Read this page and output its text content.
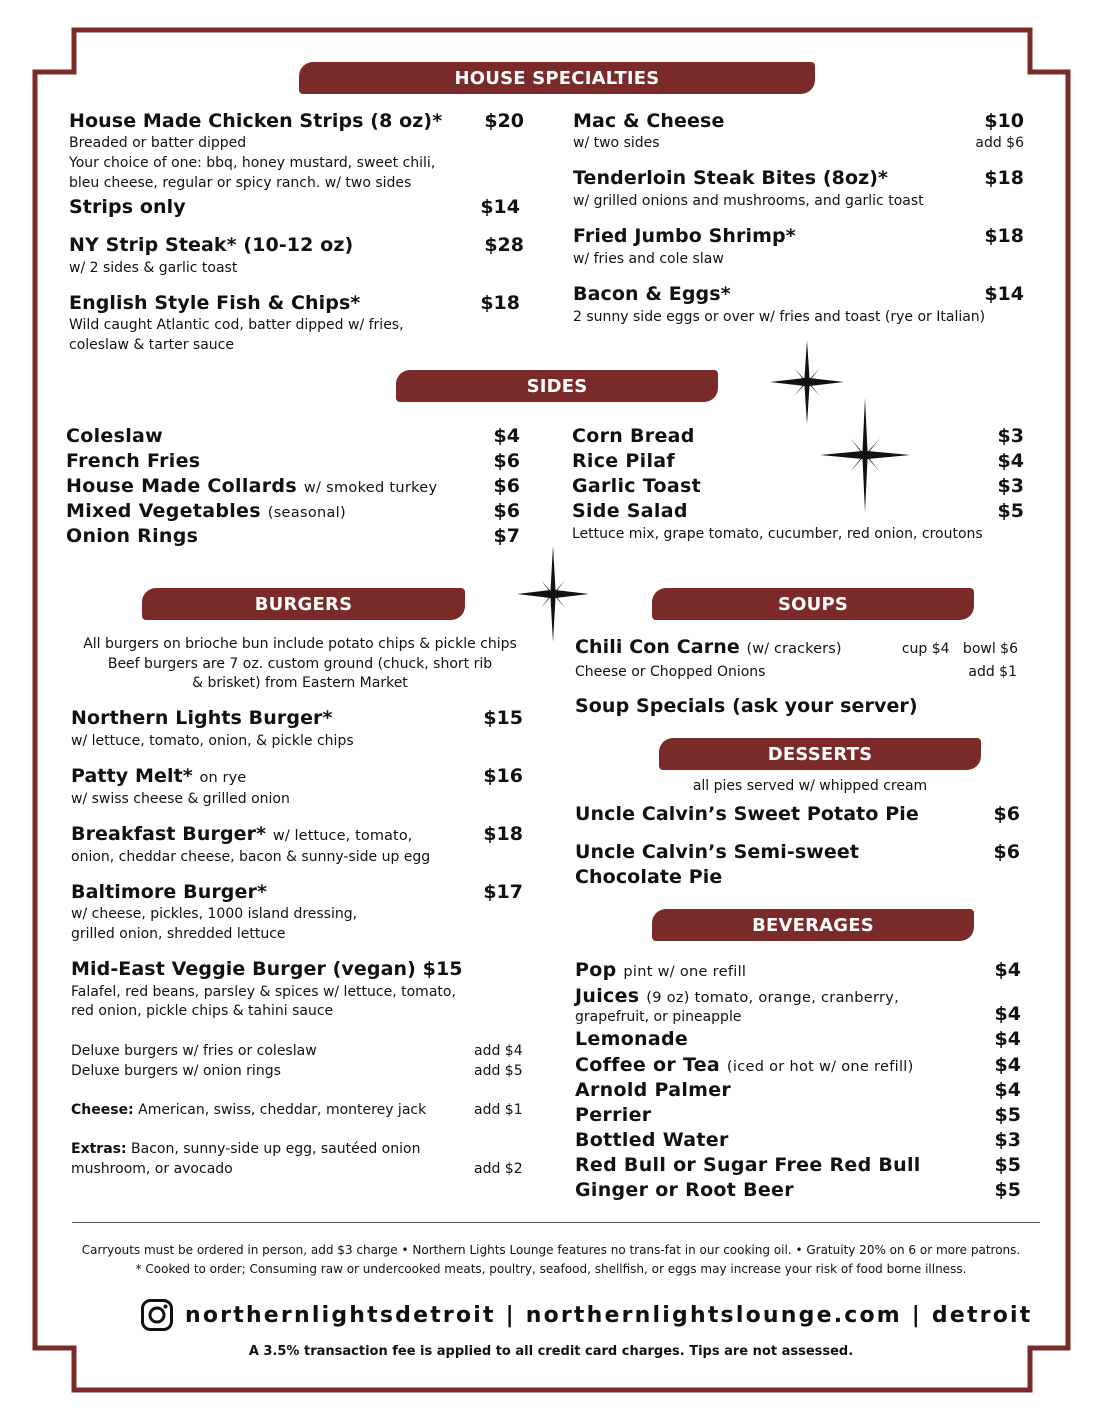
HOUSE SPECIALTIES
House Made Chicken Strips (8 oz)*	$20
Breaded or batter dipped
Your choice of one: bbq, honey mustard, sweet chili,
bleu cheese, regular or spicy ranch. w/ two sides
Strips only	$14
NY Strip Steak* (10-12 oz)	$28
w/ 2 sides & garlic toast
English Style Fish & Chips*	$18
Wild caught Atlantic cod, batter dipped w/ fries,
coleslaw & tarter sauce
Mac & Cheese	$10
w/ two sides	add $6
Tenderloin Steak Bites (8oz)*	$18
w/ grilled onions and mushrooms, and garlic toast
Fried Jumbo Shrimp*	$18
w/ fries and cole slaw
Bacon & Eggs*	$14
2 sunny side eggs or over w/ fries and toast (rye or Italian)
SIDES
Coleslaw	$4
French Fries	$6
House Made Collards w/ smoked turkey	$6
Mixed Vegetables (seasonal)	$6
Onion Rings	$7
Corn Bread	$3
Rice Pilaf	$4
Garlic Toast	$3
Side Salad	$5
Lettuce mix, grape tomato, cucumber, red onion, croutons
BURGERS
All burgers on brioche bun include potato chips & pickle chips
Beef burgers are 7 oz. custom ground (chuck, short rib
& brisket) from Eastern Market
Northern Lights Burger*	$15
w/ lettuce, tomato, onion, & pickle chips
Patty Melt* on rye	$16
w/ swiss cheese & grilled onion
Breakfast Burger* w/ lettuce, tomato,	$18
onion, cheddar cheese, bacon & sunny-side up egg
Baltimore Burger*	$17
w/ cheese, pickles, 1000 island dressing,
grilled onion, shredded lettuce
Mid-East Veggie Burger (vegan) $15
Falafel, red beans, parsley & spices w/ lettuce, tomato,
red onion, pickle chips & tahini sauce
Deluxe burgers w/ fries or coleslaw	add $4
Deluxe burgers w/ onion rings	add $5
Cheese: American, swiss, cheddar, monterey jack	add $1
Extras: Bacon, sunny-side up egg, sautéed onion
mushroom, or avocado	add $2
SOUPS
Chili Con Carne (w/ crackers)	cup $4   bowl $6
Cheese or Chopped Onions	add $1
Soup Specials (ask your server)
DESSERTS
all pies served w/ whipped cream
Uncle Calvin’s Sweet Potato Pie	$6
Uncle Calvin’s Semi-sweet
Chocolate Pie
$6
BEVERAGES
Pop pint w/ one refill	$4
Juices (9 oz) tomato, orange, cranberry,
grapefruit, or pineapple	$4
Lemonade	$4
Coffee or Tea (iced or hot w/ one refill)	$4
Arnold Palmer	$4
Perrier	$5
Bottled Water	$3
Red Bull or Sugar Free Red Bull	$5
Ginger or Root Beer	$5
Carryouts must be ordered in person, add $3 charge • Northern Lights Lounge features no trans-fat in our cooking oil. • Gratuity 20% on 6 or more patrons.
* Cooked to order; Consuming raw or undercooked meats, poultry, seafood, shellfish, or eggs may increase your risk of food borne illness.
northernlightsdetroit | northernlightslounge.com | detroit
A 3.5% transaction fee is applied to all credit card charges. Tips are not assessed.
